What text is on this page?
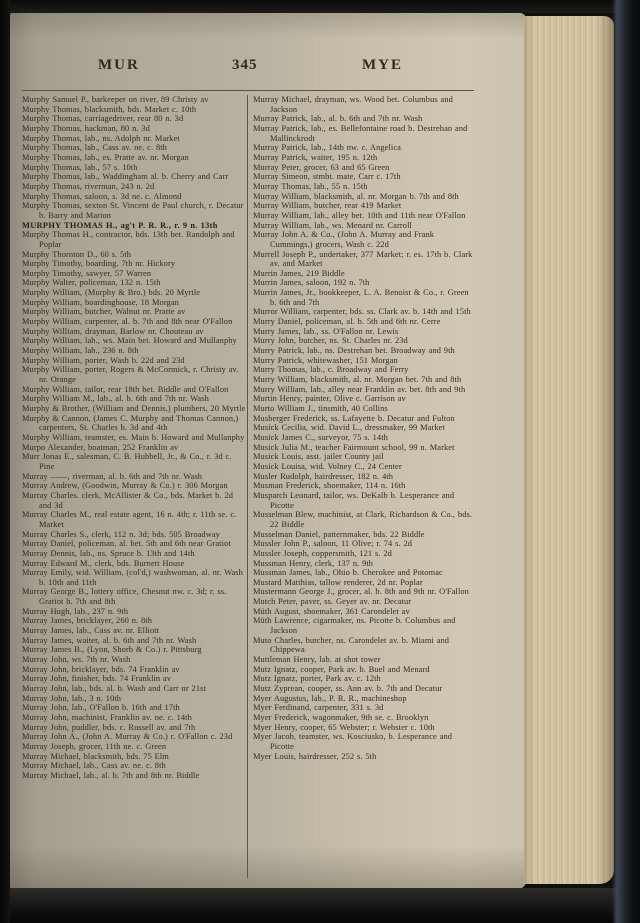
MUR	345	MYE
Murphy Samuel P., barkeeper on river, 89 Christy av
Murphy Thomas, blacksmith, bds. Market c. 10th
Murphy Thomas, carriagedriver, rear 80 n. 3d
Murphy Thomas, hackman, 80 n. 3d
Murphy Thomas, lab., ns. Adolph nr. Market
Murphy Thomas, lab., Cass av. ne. c. 8th
Murphy Thomas, lab., es. Pratte av. nr. Morgan
Murphy Thomas, lab., 57 s. 10th
Murphy Thomas, lab., Waddingham al. b. Cherry and Carr
Murphy Thomas, riverman, 243 n. 2d
Murphy Thomas, saloon, s. 3d ne. c. Almond
Murphy Thomas, sexton St. Vincent de Paul church, r. Decatur b. Barry and Marion
MURPHY THOMAS H., ag't P. R. R., r. 9 n. 13th
Murphy Thomas H., contractor, bds. 13th bet. Randolph and Poplar
Murphy Thornton D., 60 s. 5th
Murphy Timothy, boarding. 7th nr. Hickory
Murphy Timothy, sawyer, 57 Warren
Murphy Walter, policeman, 132 n. 15th
Murphy William, (Murphy & Bro.) bds. 20 Myrtle
Murphy William, boardinghouse, 18 Morgan
Murphy William, butcher, Walnut nr. Pratte av
Murphy William, carpenter, al. b. 7th and 8th near O'Fallon
Murphy William, drayman, Barlow nr. Chouteau av
Murphy William, lab., ws. Main bet. Howard and Mullanphy
Murphy William, lab., 236 n. 8th
Murphy William, porter, Wash b. 22d and 23d
Murphy William, porter, Rogers & McCormick, r. Christy av. nr. Orange
Murphy William, tailor, rear 18th bet. Biddle and O'Fallon
Murphy William M., lab., al. b. 6th and 7th nr. Wash
Murphy & Brother, (William and Dennis,) plumbers, 20 Myrtle
Murphy & Cannon, (James C. Murphy and Thomas Cannon,) carpenters, St. Charles b. 3d and 4th
Murphy William, teamster, es. Main b. Howard and Mullanphy
Murpo Alexander, boatman, 252 Franklin av
Murr Jonas E., salesman, C. B. Hubbell, Jr., & Co., r. 3d c. Pine
Murray ——, riverman, al. b. 6th and 7th nr. Wash
Murray Andrew, (Goodwin, Murray & Co.) r. 306 Morgan
Murray Charles. clerk, McAllister & Co., bds. Market b. 2d and 3d
Murray Charles M., real estate agent, 16 n. 4th; r. 11th se. c. Market
Murray Charles S., clerk, 112 n. 3d; bds. 505 Broadway
Murray Daniel, policeman, al. bet. 5th and 6th near Gratiot
Murray Dennis, lab., ns. Spruce b. 13th and 14th
Murray Edward M., clerk, bds. Burnett House
Murray Emily, wid. William, (col'd,) washwoman, al. nr. Wash b. 10th and 11th
Murray George B., lottery office, Chesnut nw. c. 3d; r. ss. Gratiot b. 7th and 8th
Murray Hugh, lab., 237 n. 9th
Murray James, bricklayer, 260 n. 8th
Murray James, lab., Cass av. nr. Elliott
Murray James, waiter, al. b. 6th and 7th nr. Wash
Murray James B., (Lyon, Shorb & Co.) r. Pittsburg
Murray John, ws. 7th nr. Wash
Murray John, bricklayer, bds. 74 Franklin av
Murray John, finisher, bds. 74 Franklin av
Murray John, lab., bds. al. b. Wash and Carr nr 21st
Murray John, lab., 3 n. 10th
Murray John, lab., O'Fallon b. 16th and 17th
Murray John, machinist, Franklin av. ne. c. 14th
Murray John, puddler, bds. c. Russell av. and 7th
Murray John A., (John A. Murray & Co.) r. O'Fallon c. 23d
Murray Joseph, grocer, 11th ne. c. Green
Murray Michael, blacksmith, bds. 75 Elm
Murray Michael, lab., Cass av. ne. c. 8th
Murray Michael, lab., al. b. 7th and 8th nr. Biddle
Murray Michael, drayman, ws. Wood bet. Columbus and Jackson
Murray Patrick, lab., al. b. 6th and 7th nr. Wash
Murray Patrick, lab., es. Bellefontaine road b. Destrehan and Mallinckrodt
Murray Patrick, lab., 14th nw. c. Angelica
Murray Patrick, waiter, 195 n. 12th
Murray Peter, grocer, 63 and 65 Green
Murray Simeon, stmbt. mate, Carr c. 17th
Murray Thomas, lab., 55 n. 15th
Murray William, blacksmith, al. nr. Morgan b. 7th and 8th
Murray William, butcher, rear 419 Market
Murray William, lab., alley bet. 10th and 11th near O'Fallon
Murray William, lab., ws. Menard nr. Carroll
Murray John A. & Co., (John A. Murray and Frank Cummings,) grocers, Wash c. 22d
Murrell Joseph P., undertaker, 377 Market; r. es. 17th b. Clark av. and Market
Murrin James, 219 Biddle
Murrin James, saloon, 192 n. 7th
Murrin James, Jr., bookkeeper, L. A. Benoist & Co., r. Green b. 6th and 7th
Murror William, carpenter, bds. ss. Clark av. b. 14th and 15th
Murry Daniel, policeman, al. b. 5th and 6th nr. Cerre
Murry James, lab., ss. O'Fallon nr. Lewis
Murry John, butcher, ns. St. Charles nr. 23d
Murry Patrick, lab., ns. Destrehan bet. Broadway and 9th
Murry Patrick, whitewasher, 151 Morgan
Murry Thomas, lab., c. Broadway and Ferry
Murry William, blacksmith, al. nr. Morgan bet. 7th and 8th
Murry William, lab., alley near Franklin av. bet. 8th and 9th
Murtin Henry, painter, Olive c. Garrison av
Murto William J., tinsmith, 40 Collins
Musberger Frederick, ss. Lafayette b. Decatur and Fulton
Musick Cecilia, wid. David L., dressmaker, 99 Market
Musick James C., surveyor, 75 s. 14th
Musick Julia M., teacher Fairmount school, 99 n. Market
Musick Louis, asst. jailer County jail
Musick Louisa, wid. Volney C., 24 Center
Musler Rudolph, hairdresser, 182 n. 4th
Musman Frederick, shoemaker, 114 n. 16th
Musparch Leonard, tailor, ws. DeKalb b. Lesperance and Picotte
Musselman Blew, machinist, at Clark, Richardson & Co., bds. 22 Biddle
Musselman Daniel, patternmaker, bds. 22 Biddle
Mussler John P., saloon, 11 Olive; r. 74 s. 2d
Mussler Joseph, coppersmith, 121 s. 2d
Mussman Henry, clerk, 137 n. 9th
Mussman James, lab., Ohio b. Cherokee and Potomac
Mustard Matthias, tallow renderer, 2d nr. Poplar
Mustermann George J., grocer, al. b. 8th and 9th nr. O'Fallon
Mutch Peter, paver, ss. Geyer av. nr. Decatur
Müth August, shoemaker, 361 Carondelet av
Müth Lawrence, cigarmaker, ns. Picotte b. Columbus and Jackson
Muto Charles, butcher, ns. Carondelet av. b. Miami and Chippewa
Muttleman Henry, lab. at shot tower
Mutz Ignatz, cooper, Park av. b. Buel and Menard
Mutz Ignatz, porter, Park av. c. 12th
Mutz Zyprean, cooper, ss. Ann av. b. 7th and Decatur
Myer Augustus, lab., P. R. R., machineshop
Myer Ferdinand, carpenter, 331 s. 3d
Myer Frederick, wagonmaker, 9th se. c. Brooklyn
Myer Henry, cooper, 65 Webster; r. Webster c. 10th
Myer Jacob, teamster, ws. Kosciusko, b. Lesperance and Picotte
Myer Louis, hairdresser, 252 s. 5th
